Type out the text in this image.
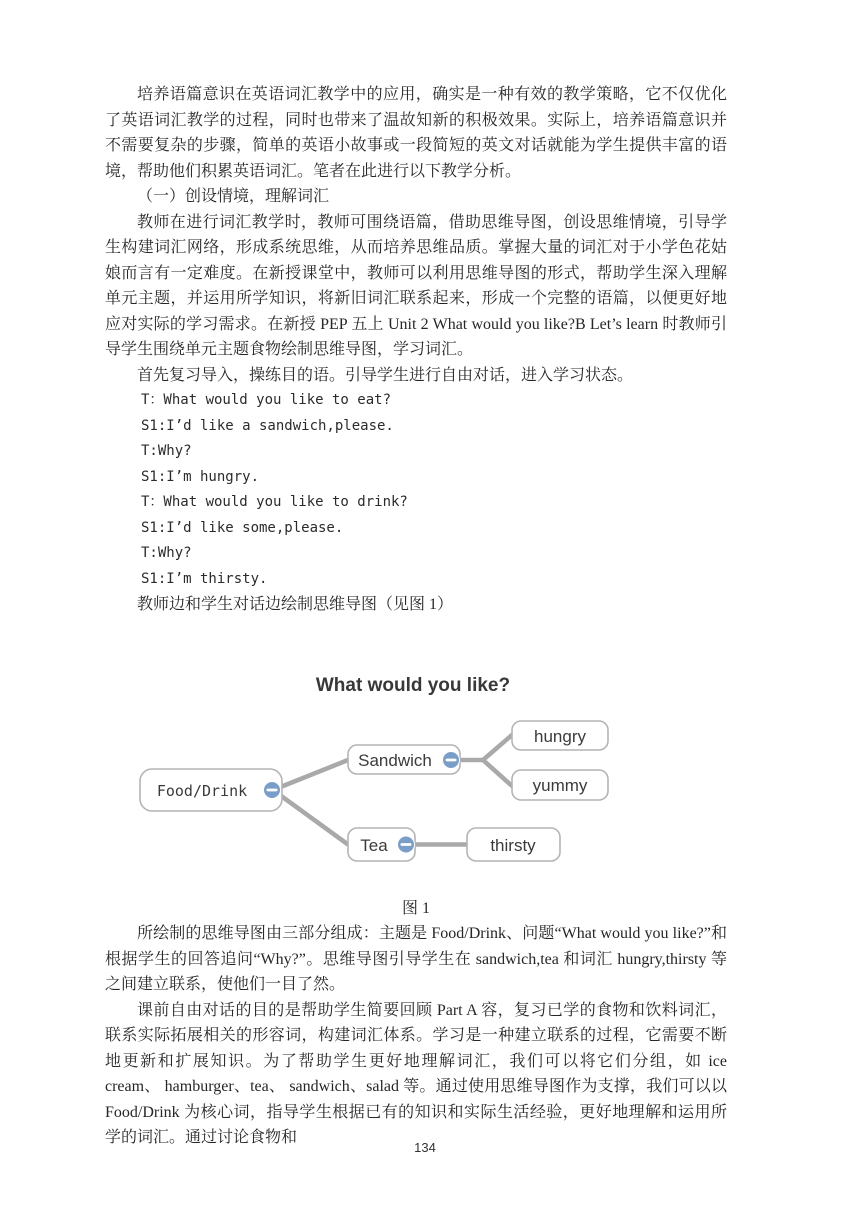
培养语篇意识在英语词汇教学中的应用，确实是一种有效的教学策略，它不仅优化了英语词汇教学的过程，同时也带来了温故知新的积极效果。实际上，培养语篇意识并不需要复杂的步骤，简单的英语小故事或一段简短的英文对话就能为学生提供丰富的语境，帮助他们积累英语词汇。笔者在此进行以下教学分析。

（一）创设情境，理解词汇

教师在进行词汇教学时，教师可围绕语篇，借助思维导图，创设思维情境，引导学生构建词汇网络，形成系统思维，从而培养思维品质。掌握大量的词汇对于小学色花姑娘而言有一定难度。在新授课堂中，教师可以利用思维导图的形式，帮助学生深入理解单元主题，并运用所学知识，将新旧词汇联系起来，形成一个完整的语篇，以便更好地应对实际的学习需求。在新授 PEP 五上 Unit 2 What would you like?B Let’s learn 时教师引导学生围绕单元主题食物绘制思维导图，学习词汇。

首先复习导入，操练目的语。引导学生进行自由对话，进入学习状态。

T：What would you like to eat?
S1:I’d like a sandwich,please.
T:Why?
S1:I’m hungry.
T：What would you like to drink?
S1:I’d like some,please.
T:Why?
S1:I’m thirsty.

教师边和学生对话边绘制思维导图（见图 1）

What would you like?
Food/Drink
Sandwich
hungry
yummy
Tea	thirsty
图 1

所绘制的思维导图由三部分组成：主题是 Food/Drink、问题“What would you like?”和根据学生的回答追问“Why?”。思维导图引导学生在 sandwich,tea 和词汇 hungry,thirsty 等之间建立联系，使他们一目了然。

课前自由对话的目的是帮助学生简要回顾 Part A 容，复习已学的食物和饮料词汇，联系实际拓展相关的形容词，构建词汇体系。学习是一种建立联系的过程，它需要不断地更新和扩展知识。为了帮助学生更好地理解词汇，我们可以将它们分组，如 ice cream、 hamburger、tea、 sandwich、salad 等。通过使用思维导图作为支撑，我们可以以 Food/Drink 为核心词，指导学生根据已有的知识和实际生活经验，更好地理解和运用所学的词汇。通过讨论食物和

134
